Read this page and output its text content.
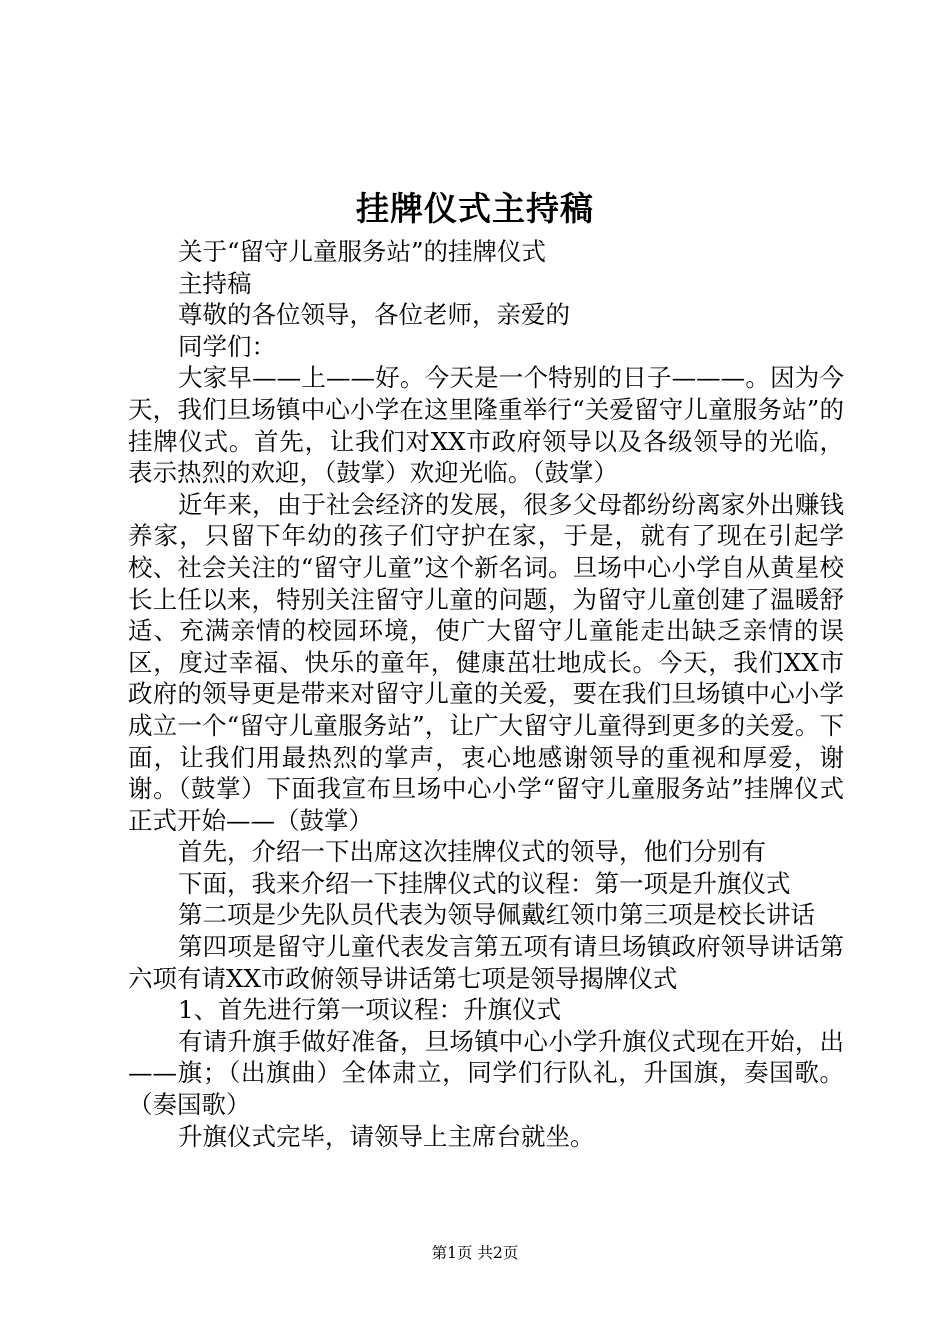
挂牌仪式主持稿

关于“留守儿童服务站”的挂牌仪式

主持稿

尊敬的各位领导，各位老师，亲爱的

同学们：

大家早——上——好。今天是一个特别的日子———。因为今天，我们旦场镇中心小学在这里隆重举行“关爱留守儿童服务站”的挂牌仪式。首先，让我们对XX市政府领导以及各级领导的光临，表示热烈的欢迎，（鼓掌）欢迎光临。（鼓掌）

近年来，由于社会经济的发展，很多父母都纷纷离家外出赚钱养家，只留下年幼的孩子们守护在家，于是，就有了现在引起学校、社会关注的“留守儿童”这个新名词。旦场中心小学自从黄星校长上任以来，特别关注留守儿童的问题，为留守儿童创建了温暖舒适、充满亲情的校园环境，使广大留守儿童能走出缺乏亲情的误区，度过幸福、快乐的童年，健康茁壮地成长。今天，我们XX市政府的领导更是带来对留守儿童的关爱，要在我们旦场镇中心小学成立一个“留守儿童服务站”，让广大留守儿童得到更多的关爱。下面，让我们用最热烈的掌声，衷心地感谢领导的重视和厚爱，谢谢。（鼓掌）下面我宣布旦场中心小学“留守儿童服务站”挂牌仪式正式开始——（鼓掌）

首先，介绍一下出席这次挂牌仪式的领导，他们分别有

下面，我来介绍一下挂牌仪式的议程：第一项是升旗仪式

第二项是少先队员代表为领导佩戴红领巾第三项是校长讲话

第四项是留守儿童代表发言第五项有请旦场镇政府领导讲话第六项有请XX市政俯领导讲话第七项是领导揭牌仪式

1、首先进行第一项议程：升旗仪式

有请升旗手做好准备，旦场镇中心小学升旗仪式现在开始，出——旗；（出旗曲）全体肃立，同学们行队礼，升国旗，奏国歌。（奏国歌）

升旗仪式完毕，请领导上主席台就坐。

第1页 共2页
